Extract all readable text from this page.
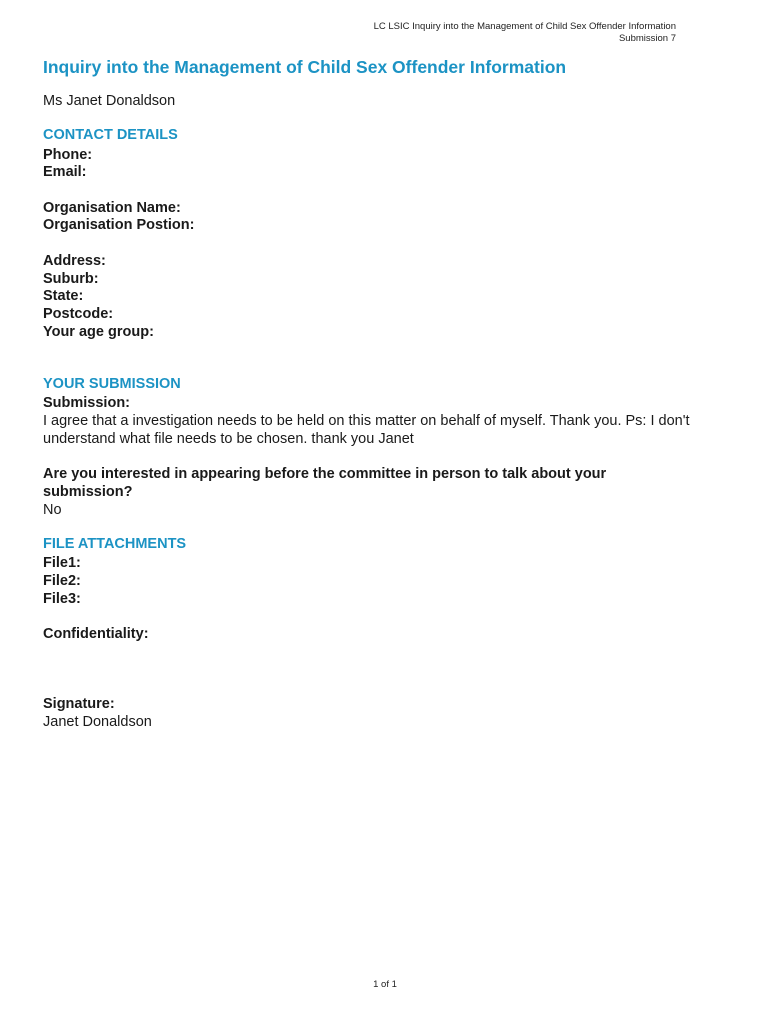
LC LSIC Inquiry into the Management of Child Sex Offender Information
Submission 7
Inquiry into the Management of Child Sex Offender Information
Ms Janet Donaldson
CONTACT DETAILS
Phone:
Email:
Organisation Name:
Organisation Postion:
Address:
Suburb:
State:
Postcode:
Your age group:
YOUR SUBMISSION
Submission:
I agree that a investigation needs to be held on this matter on behalf of myself. Thank you. Ps: I don't understand what file needs to be chosen. thank you Janet
Are you interested in appearing before the committee in person to talk about your submission?
No
FILE ATTACHMENTS
File1:
File2:
File3:
Confidentiality:
Signature:
Janet Donaldson
1 of 1
